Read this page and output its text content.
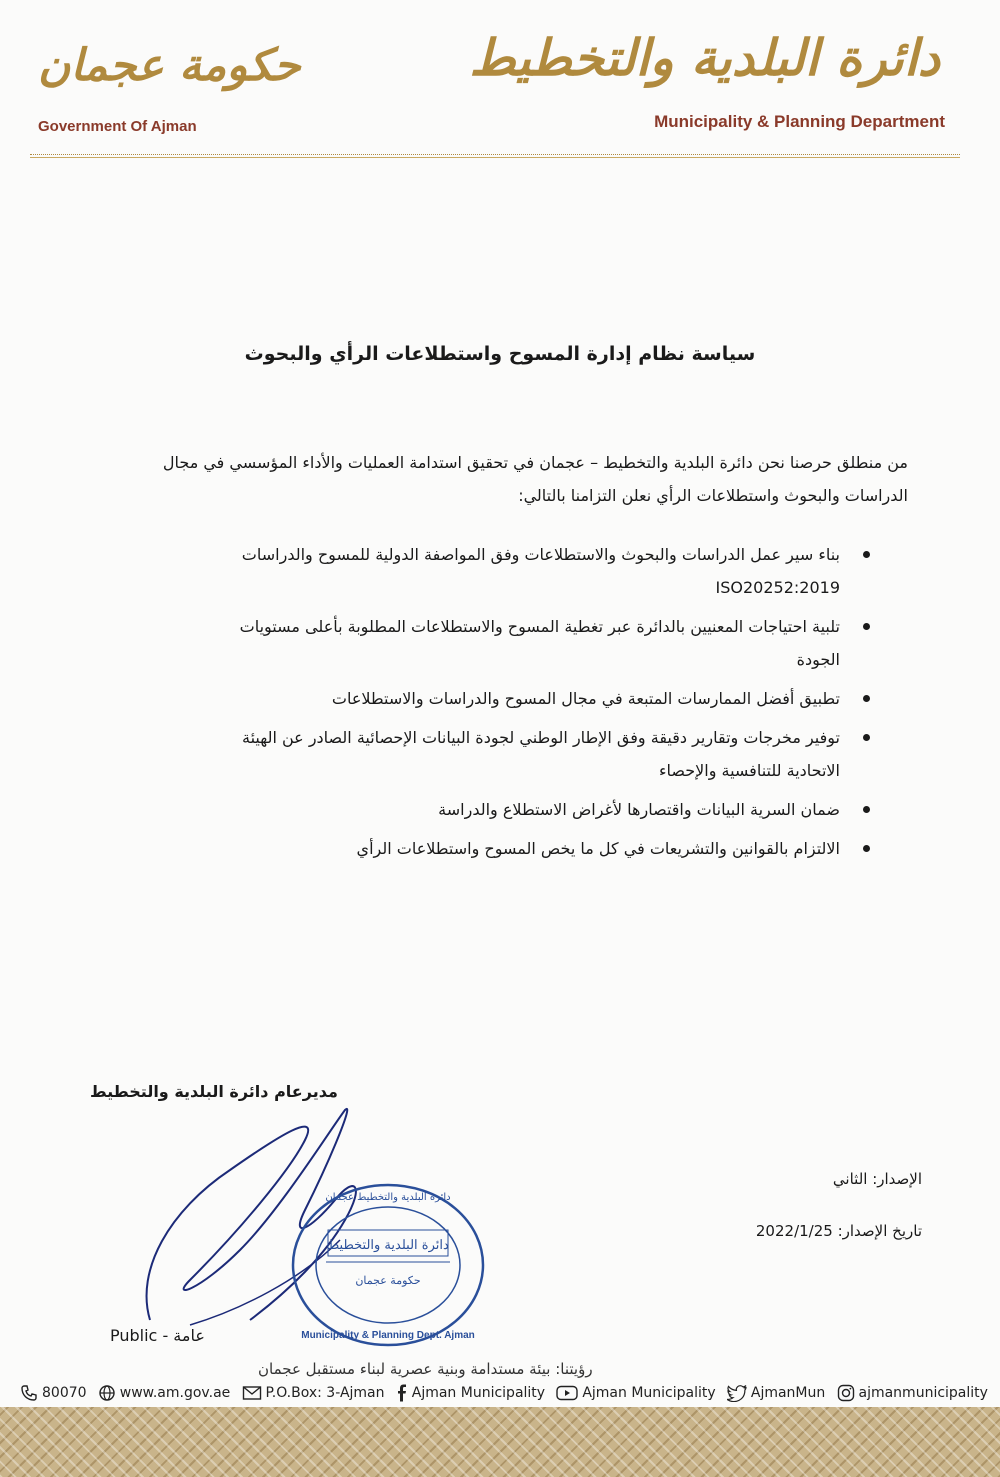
حكومة عجمان
Government Of Ajman
دائرة البلدية والتخطيط
Municipality & Planning Department
سياسة نظام إدارة المسوح واستطلاعات الرأي والبحوث
من منطلق حرصنا نحن دائرة البلدية والتخطيط – عجمان في تحقيق استدامة العمليات والأداء المؤسسي في مجال الدراسات والبحوث واستطلاعات الرأي نعلن التزامنا بالتالي:
بناء سير عمل الدراسات والبحوث والاستطلاعات وفق المواصفة الدولية للمسوح والدراسات ISO20252:2019
تلبية احتياجات المعنيين بالدائرة عبر تغطية المسوح والاستطلاعات المطلوبة بأعلى مستويات الجودة
تطبيق أفضل الممارسات المتبعة في مجال المسوح والدراسات والاستطلاعات
توفير مخرجات وتقارير دقيقة وفق الإطار الوطني لجودة البيانات الإحصائية الصادر عن الهيئة الاتحادية للتنافسية والإحصاء
ضمان السرية البيانات واقتصارها لأغراض الاستطلاع والدراسة
الالتزام بالقوانين والتشريعات في كل ما يخص المسوح واستطلاعات الرأي
مديرعام دائرة البلدية والتخطيط
دائرة البلدية والتخطيط
حكومة عجمان
Municipality & Planning Dept. Ajman
دائرة البلدية والتخطيط عجمان
الإصدار: الثاني
تاريخ الإصدار: 2022/1/25
Public - عامة
رؤيتنا: بيئة مستدامة وبنية عصرية لبناء مستقبل عجمان
80070 www.am.gov.ae	P.O.Box: 3-Ajman Ajman Municipality	Ajman Municipality	AjmanMun ajmanmunicipality
